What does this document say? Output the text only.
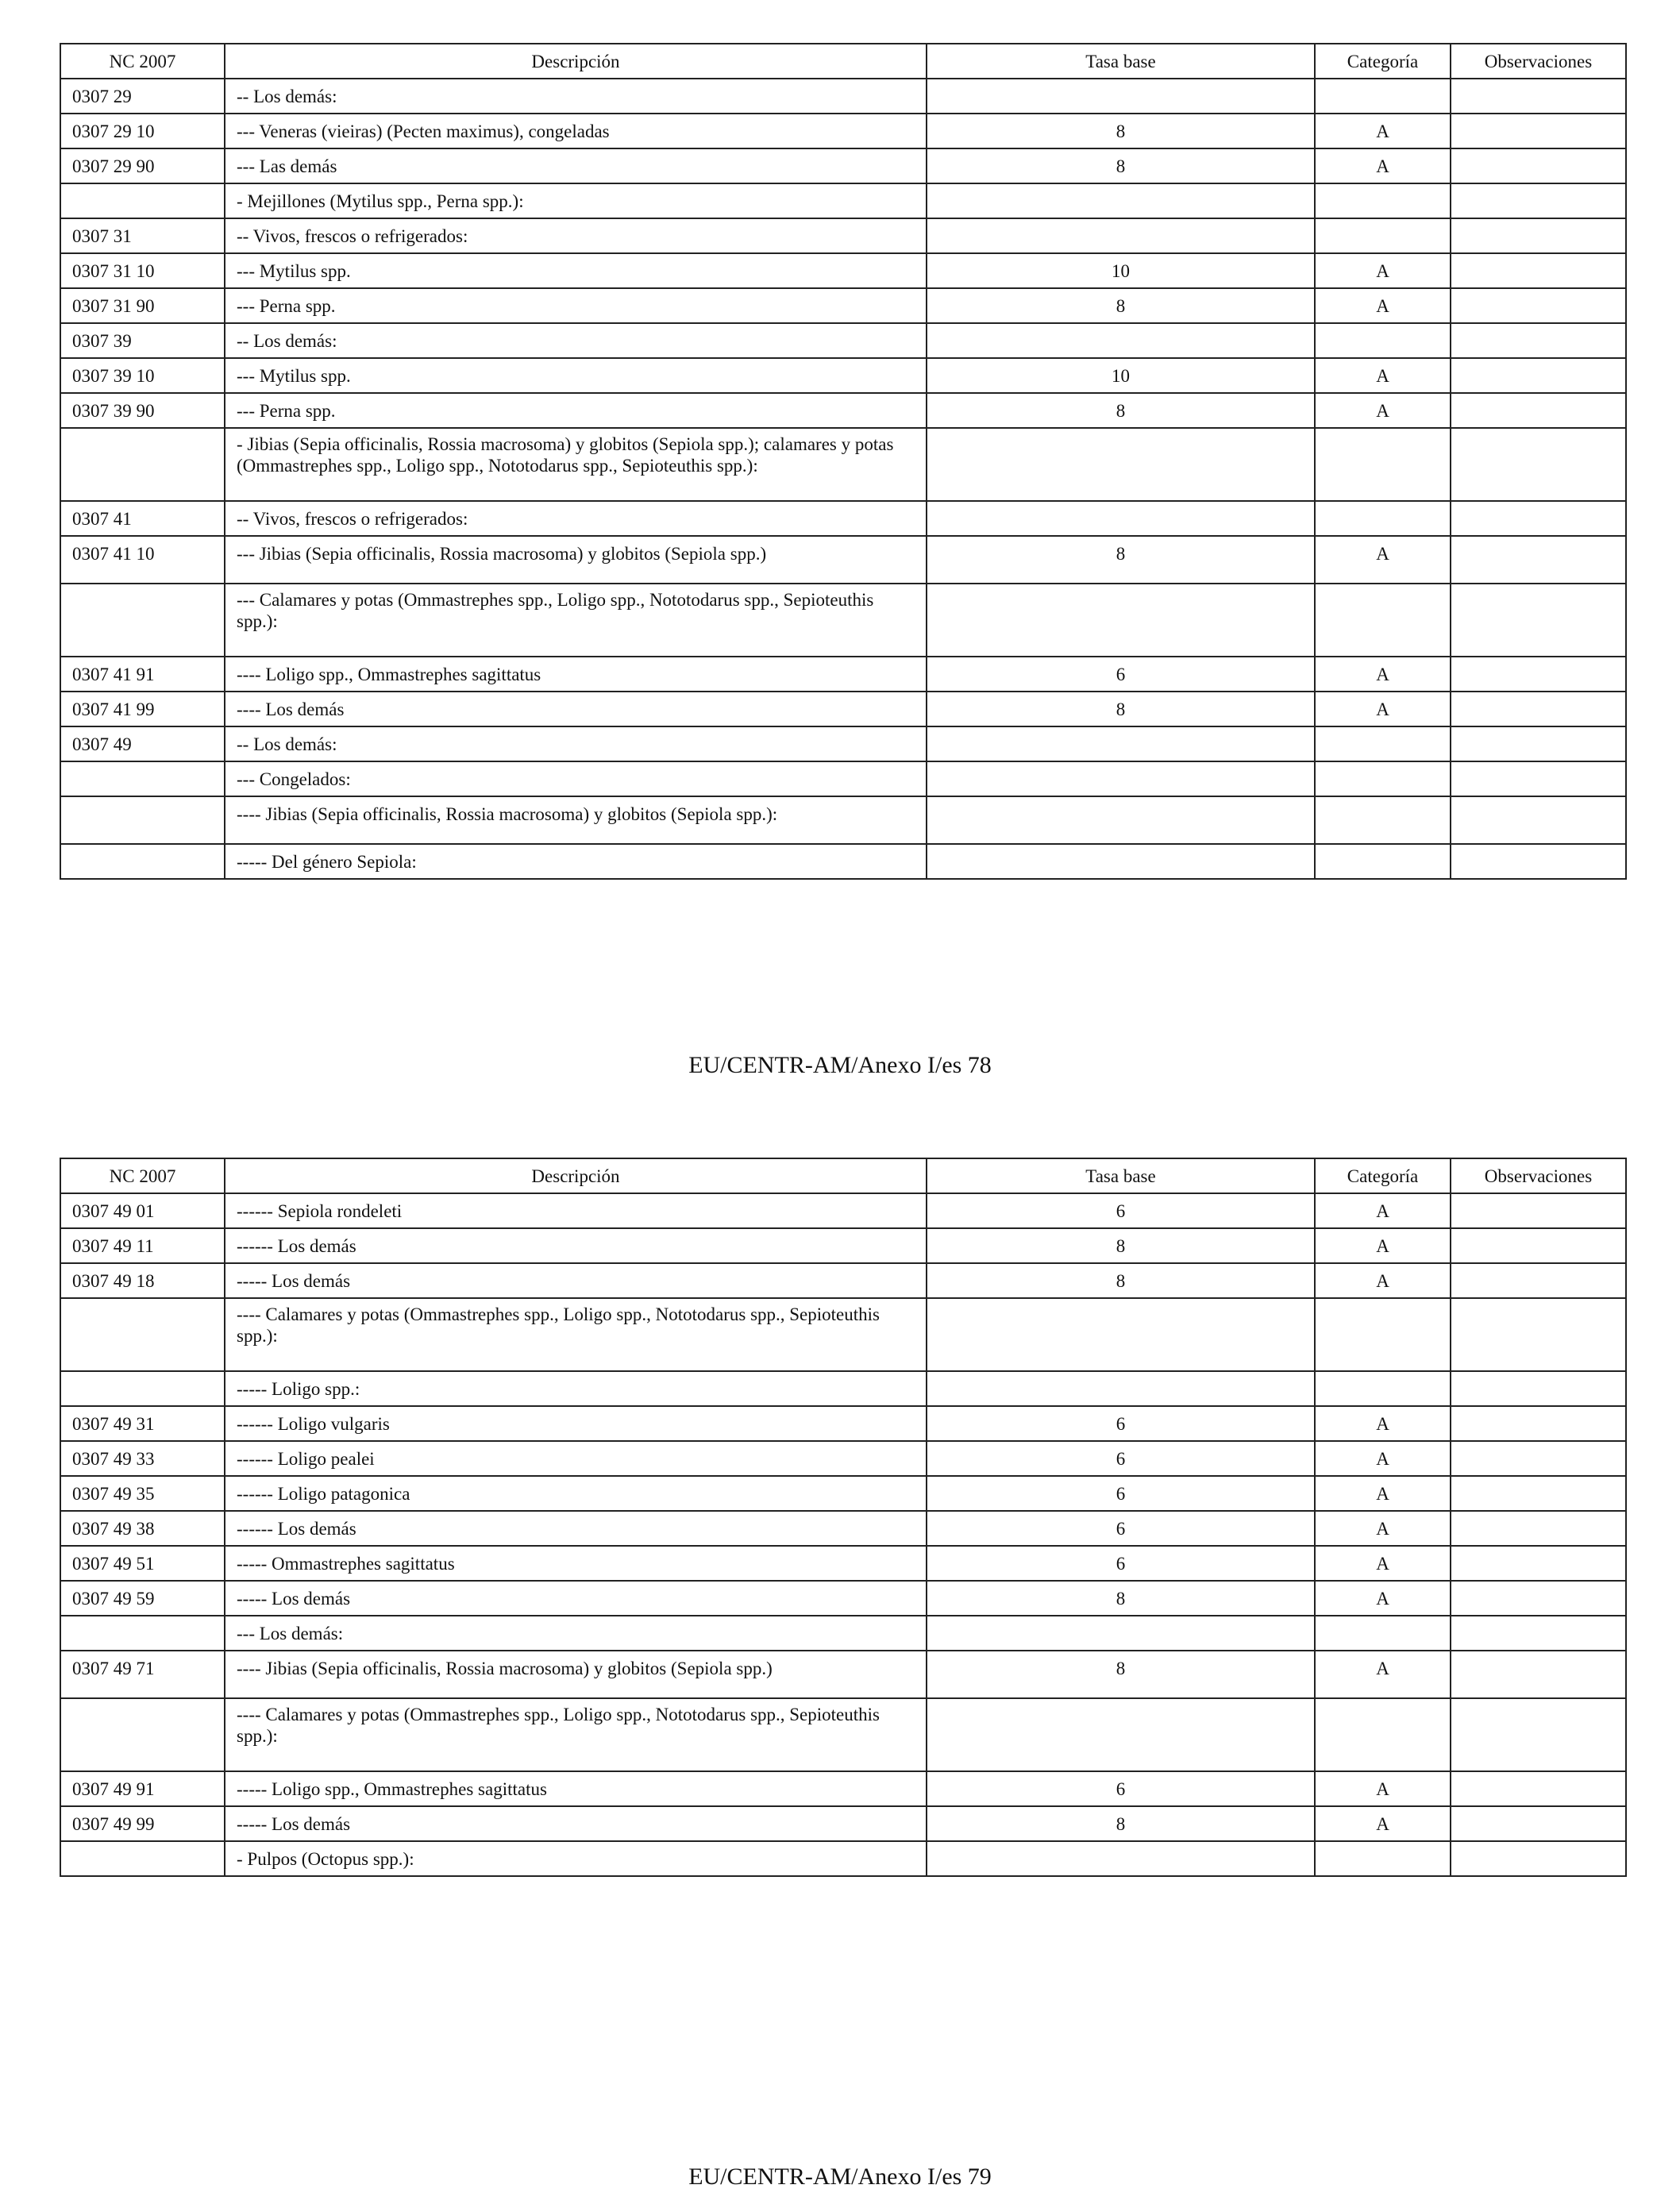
NC 2007	Descripción	Tasa base	Categoría	Observaciones
0307 29	-- Los demás:			
0307 29 10	--- Veneras (vieiras) (Pecten maximus), congeladas	8	A	
0307 29 90	--- Las demás	8	A	
	- Mejillones (Mytilus spp., Perna spp.):			
0307 31	-- Vivos, frescos o refrigerados:			
0307 31 10	--- Mytilus spp.	10	A	
0307 31 90	--- Perna spp.	8	A	
0307 39	-- Los demás:			
0307 39 10	--- Mytilus spp.	10	A	
0307 39 90	--- Perna spp.	8	A	
	- Jibias (Sepia officinalis, Rossia macrosoma) y globitos (Sepiola spp.); calamares y potas (Ommastrephes spp., Loligo spp., Nototodarus spp., Sepioteuthis spp.):			
0307 41	-- Vivos, frescos o refrigerados:			
0307 41 10	--- Jibias (Sepia officinalis, Rossia macrosoma) y globitos (Sepiola spp.)	8	A	
	--- Calamares y potas (Ommastrephes spp., Loligo spp., Nototodarus spp., Sepioteuthis spp.):			
0307 41 91	---- Loligo spp., Ommastrephes sagittatus	6	A	
0307 41 99	---- Los demás	8	A	
0307 49	-- Los demás:			
	--- Congelados:			
	---- Jibias (Sepia officinalis, Rossia macrosoma) y globitos (Sepiola spp.):			
	----- Del género Sepiola:			
EU/CENTR-AM/Anexo I/es 78
NC 2007	Descripción	Tasa base	Categoría	Observaciones
0307 49 01	------ Sepiola rondeleti	6	A	
0307 49 11	------ Los demás	8	A	
0307 49 18	----- Los demás	8	A	
	---- Calamares y potas (Ommastrephes spp., Loligo spp., Nototodarus spp., Sepioteuthis spp.):			
	----- Loligo spp.:			
0307 49 31	------ Loligo vulgaris	6	A	
0307 49 33	------ Loligo pealei	6	A	
0307 49 35	------ Loligo patagonica	6	A	
0307 49 38	------ Los demás	6	A	
0307 49 51	----- Ommastrephes sagittatus	6	A	
0307 49 59	----- Los demás	8	A	
	--- Los demás:			
0307 49 71	---- Jibias (Sepia officinalis, Rossia macrosoma) y globitos (Sepiola spp.)	8	A	
	---- Calamares y potas (Ommastrephes spp., Loligo spp., Nototodarus spp., Sepioteuthis spp.):			
0307 49 91	----- Loligo spp., Ommastrephes sagittatus	6	A	
0307 49 99	----- Los demás	8	A	
	- Pulpos (Octopus spp.):			
EU/CENTR-AM/Anexo I/es 79
